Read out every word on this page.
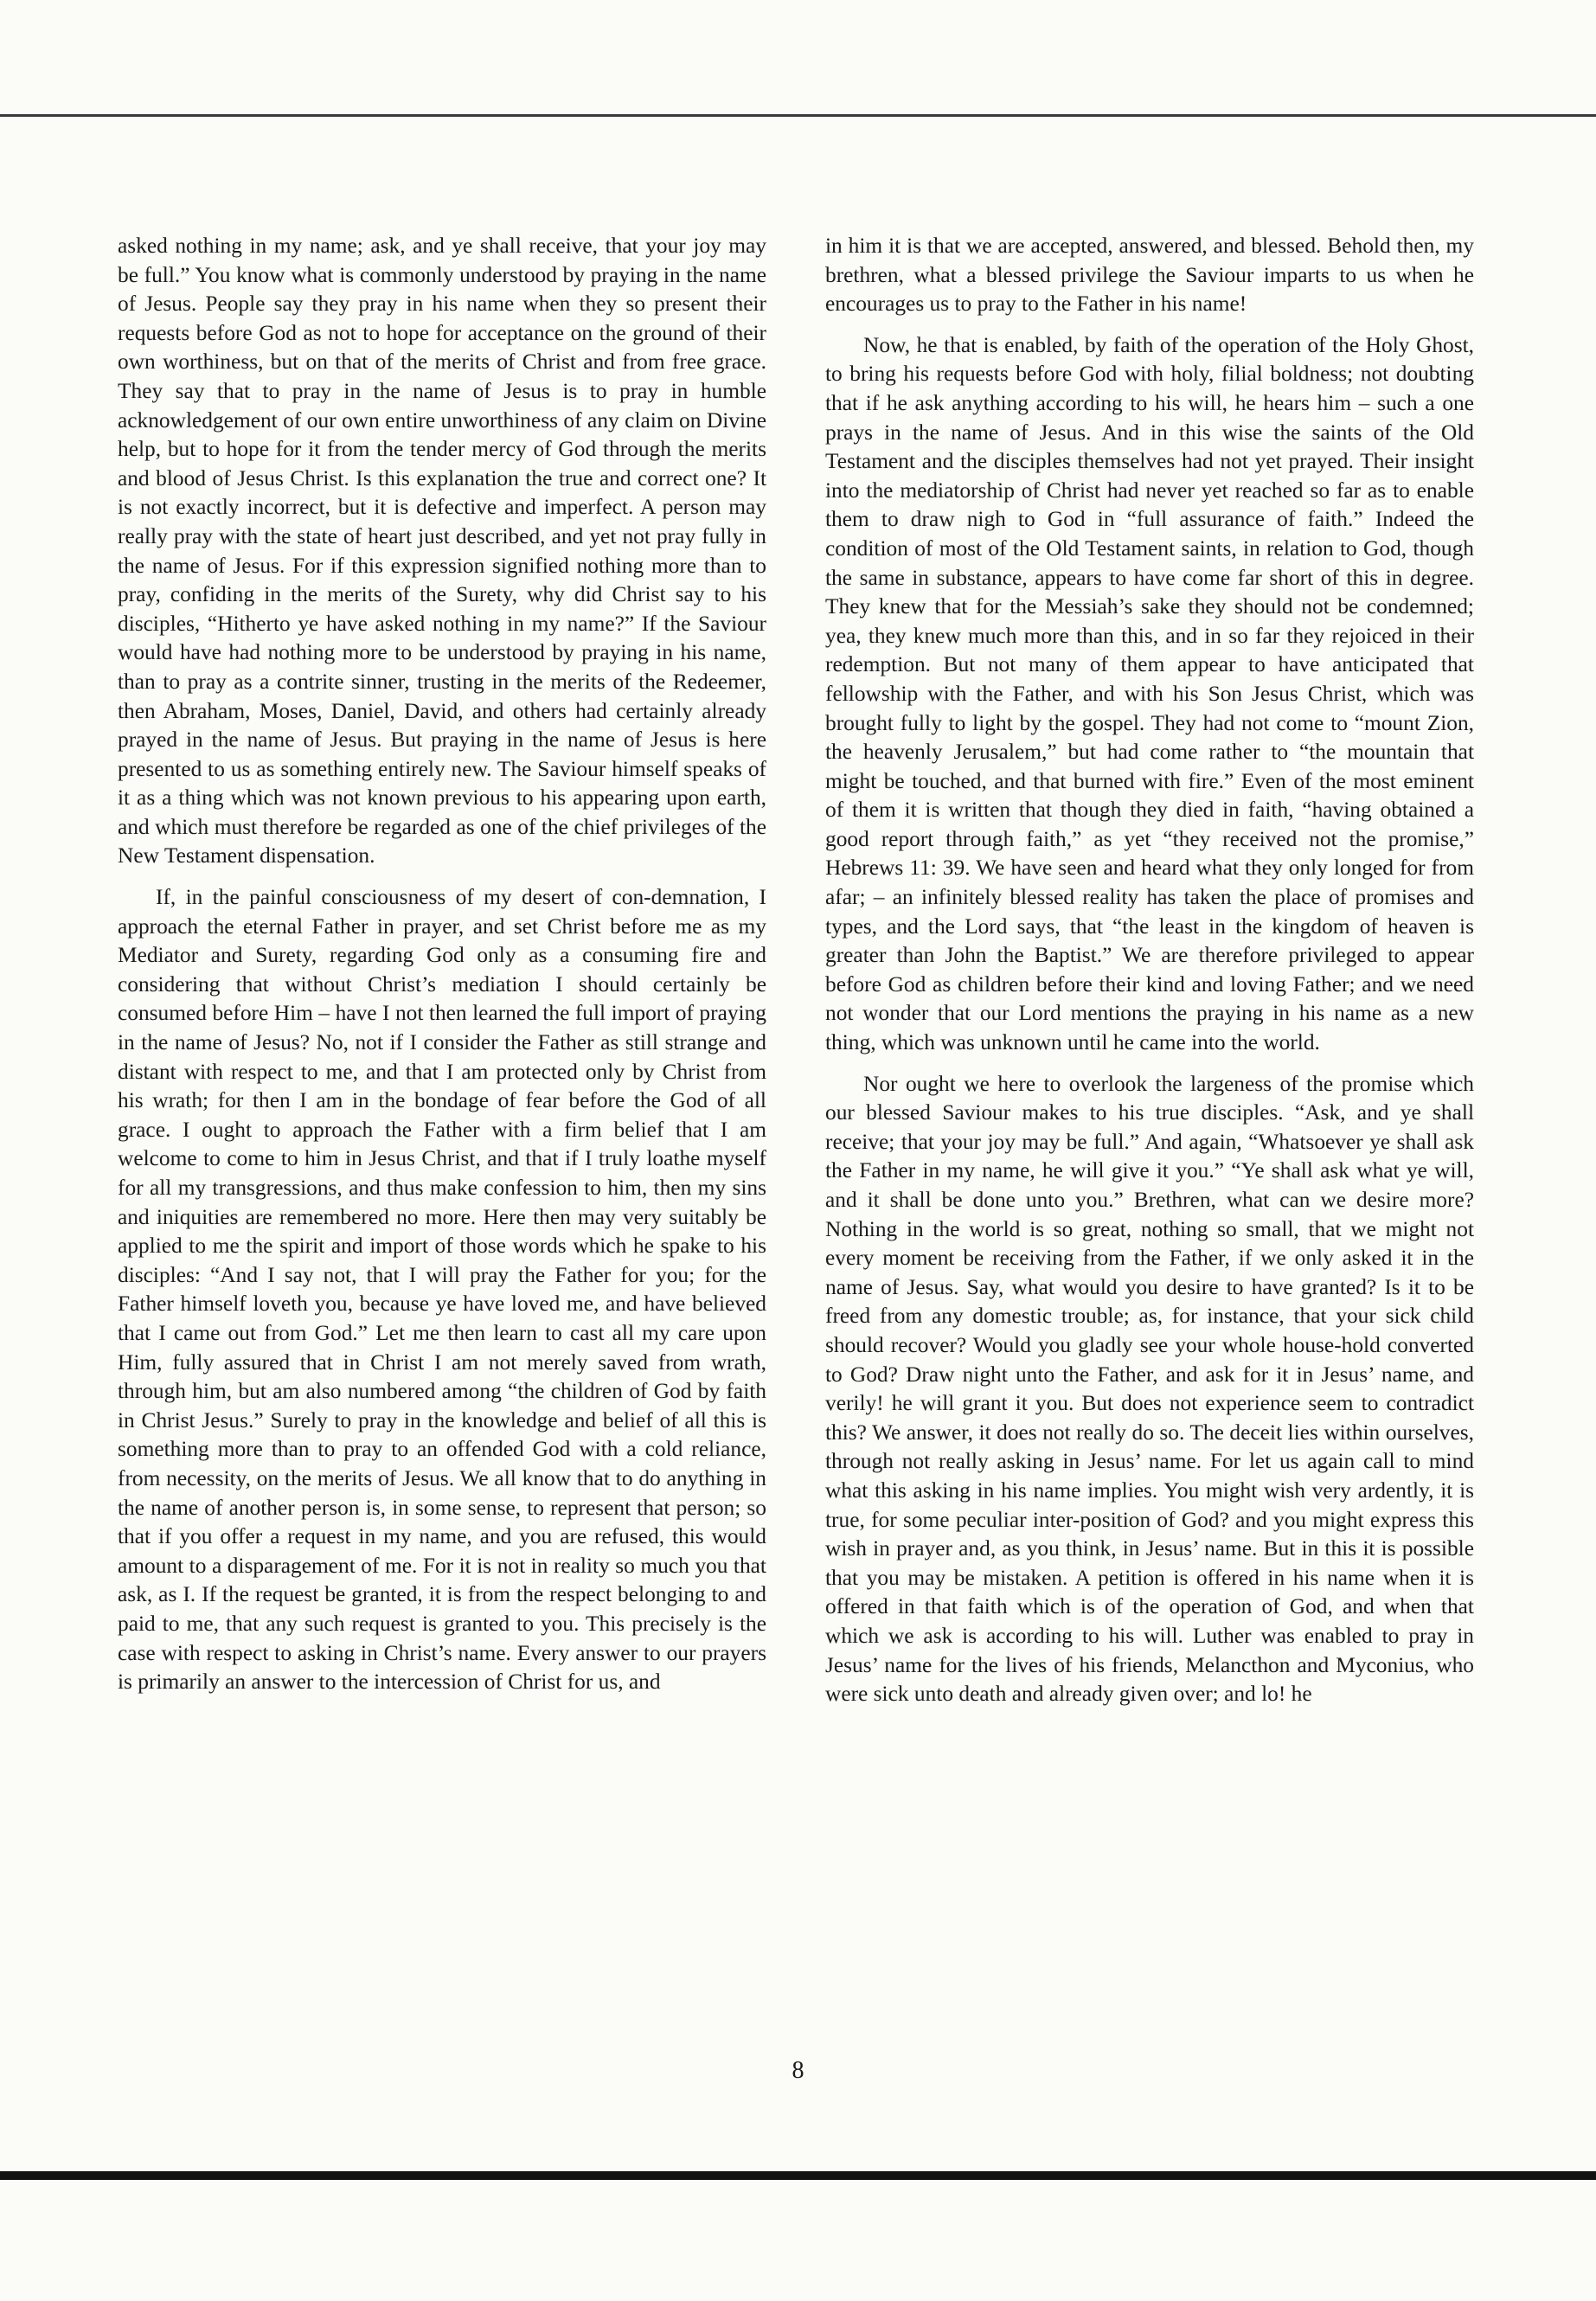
asked nothing in my name; ask, and ye shall receive, that your joy may be full.” You know what is commonly understood by praying in the name of Jesus. People say they pray in his name when they so present their requests before God as not to hope for acceptance on the ground of their own worthiness, but on that of the merits of Christ and from free grace. They say that to pray in the name of Jesus is to pray in humble acknowledgement of our own entire unworthiness of any claim on Divine help, but to hope for it from the tender mercy of God through the merits and blood of Jesus Christ. Is this explanation the true and correct one? It is not exactly incorrect, but it is defective and imperfect. A person may really pray with the state of heart just described, and yet not pray fully in the name of Jesus. For if this expression signified nothing more than to pray, confiding in the merits of the Surety, why did Christ say to his disciples, “Hitherto ye have asked nothing in my name?” If the Saviour would have had nothing more to be understood by praying in his name, than to pray as a contrite sinner, trusting in the merits of the Redeemer, then Abraham, Moses, Daniel, David, and others had certainly already prayed in the name of Jesus. But praying in the name of Jesus is here presented to us as something entirely new. The Saviour himself speaks of it as a thing which was not known previous to his appearing upon earth, and which must therefore be regarded as one of the chief privileges of the New Testament dispensation.

If, in the painful consciousness of my desert of con-demnation, I approach the eternal Father in prayer, and set Christ before me as my Mediator and Surety, regarding God only as a consuming fire and considering that without Christ’s mediation I should certainly be consumed before Him – have I not then learned the full import of praying in the name of Jesus? No, not if I consider the Father as still strange and distant with respect to me, and that I am protected only by Christ from his wrath; for then I am in the bondage of fear before the God of all grace. I ought to approach the Father with a firm belief that I am welcome to come to him in Jesus Christ, and that if I truly loathe myself for all my transgressions, and thus make confession to him, then my sins and iniquities are remembered no more. Here then may very suitably be applied to me the spirit and import of those words which he spake to his disciples: “And I say not, that I will pray the Father for you; for the Father himself loveth you, because ye have loved me, and have believed that I came out from God.” Let me then learn to cast all my care upon Him, fully assured that in Christ I am not merely saved from wrath, through him, but am also numbered among “the children of God by faith in Christ Jesus.” Surely to pray in the knowledge and belief of all this is something more than to pray to an offended God with a cold reliance, from necessity, on the merits of Jesus. We all know that to do anything in the name of another person is, in some sense, to represent that person; so that if you offer a request in my name, and you are refused, this would amount to a disparagement of me. For it is not in reality so much you that ask, as I. If the request be granted, it is from the respect belonging to and paid to me, that any such request is granted to you. This precisely is the case with respect to asking in Christ’s name. Every answer to our prayers is primarily an answer to the intercession of Christ for us, and

in him it is that we are accepted, answered, and blessed. Behold then, my brethren, what a blessed privilege the Saviour imparts to us when he encourages us to pray to the Father in his name!

Now, he that is enabled, by faith of the operation of the Holy Ghost, to bring his requests before God with holy, filial boldness; not doubting that if he ask anything according to his will, he hears him – such a one prays in the name of Jesus. And in this wise the saints of the Old Testament and the disciples themselves had not yet prayed. Their insight into the mediatorship of Christ had never yet reached so far as to enable them to draw nigh to God in “full assurance of faith.” Indeed the condition of most of the Old Testament saints, in relation to God, though the same in substance, appears to have come far short of this in degree. They knew that for the Messiah’s sake they should not be condemned; yea, they knew much more than this, and in so far they rejoiced in their redemption. But not many of them appear to have anticipated that fellowship with the Father, and with his Son Jesus Christ, which was brought fully to light by the gospel. They had not come to “mount Zion, the heavenly Jerusalem,” but had come rather to “the mountain that might be touched, and that burned with fire.” Even of the most eminent of them it is written that though they died in faith, “having obtained a good report through faith,” as yet “they received not the promise,” Hebrews 11: 39. We have seen and heard what they only longed for from afar; – an infinitely blessed reality has taken the place of promises and types, and the Lord says, that “the least in the kingdom of heaven is greater than John the Baptist.” We are therefore privileged to appear before God as children before their kind and loving Father; and we need not wonder that our Lord mentions the praying in his name as a new thing, which was unknown until he came into the world.

Nor ought we here to overlook the largeness of the promise which our blessed Saviour makes to his true disciples. “Ask, and ye shall receive; that your joy may be full.” And again, “Whatsoever ye shall ask the Father in my name, he will give it you.” “Ye shall ask what ye will, and it shall be done unto you.” Brethren, what can we desire more? Nothing in the world is so great, nothing so small, that we might not every moment be receiving from the Father, if we only asked it in the name of Jesus. Say, what would you desire to have granted? Is it to be freed from any domestic trouble; as, for instance, that your sick child should recover? Would you gladly see your whole house-hold converted to God? Draw night unto the Father, and ask for it in Jesus’ name, and verily! he will grant it you. But does not experience seem to contradict this? We answer, it does not really do so. The deceit lies within ourselves, through not really asking in Jesus’ name. For let us again call to mind what this asking in his name implies. You might wish very ardently, it is true, for some peculiar inter-position of God? and you might express this wish in prayer and, as you think, in Jesus’ name. But in this it is possible that you may be mistaken. A petition is offered in his name when it is offered in that faith which is of the operation of God, and when that which we ask is according to his will. Luther was enabled to pray in Jesus’ name for the lives of his friends, Melancthon and Myconius, who were sick unto death and already given over; and lo! he

8
